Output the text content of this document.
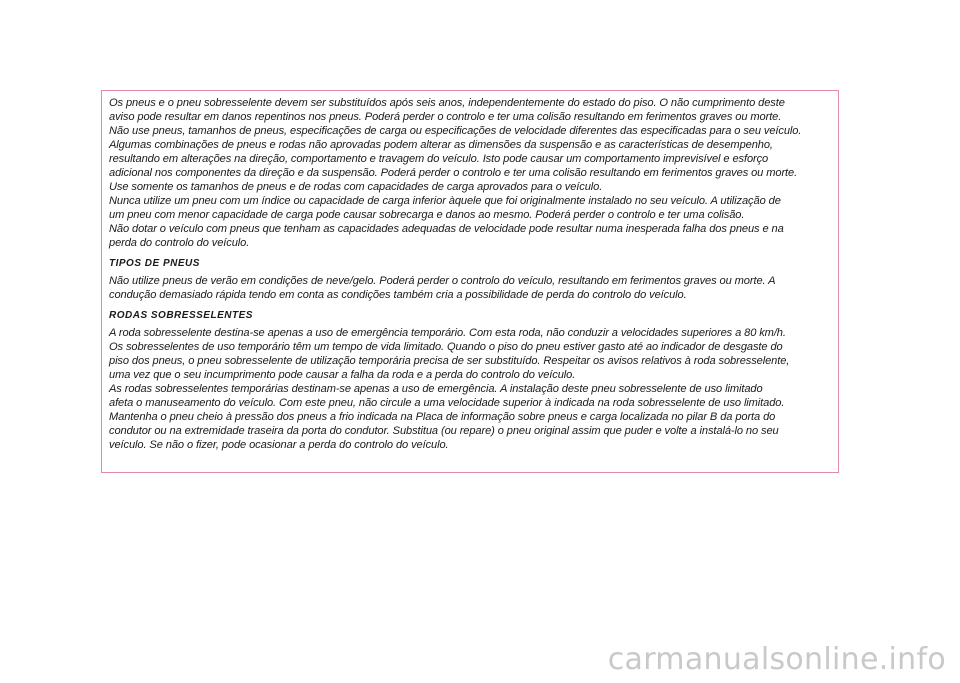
Os pneus e o pneu sobresselente devem ser substituídos após seis anos, independentemente do estado do piso. O não cumprimento deste
aviso pode resultar em danos repentinos nos pneus. Poderá perder o controlo e ter uma colisão resultando em ferimentos graves ou morte.
Não use pneus, tamanhos de pneus, especificações de carga ou especificações de velocidade diferentes das especificadas para o seu veículo.
Algumas combinações de pneus e rodas não aprovadas podem alterar as dimensões da suspensão e as características de desempenho,
resultando em alterações na direção, comportamento e travagem do veículo. Isto pode causar um comportamento imprevisível e esforço
adicional nos componentes da direção e da suspensão. Poderá perder o controlo e ter uma colisão resultando em ferimentos graves ou morte.
Use somente os tamanhos de pneus e de rodas com capacidades de carga aprovados para o veículo.
Nunca utilize um pneu com um índice ou capacidade de carga inferior àquele que foi originalmente instalado no seu veículo. A utilização de
um pneu com menor capacidade de carga pode causar sobrecarga e danos ao mesmo. Poderá perder o controlo e ter uma colisão.
Não dotar o veículo com pneus que tenham as capacidades adequadas de velocidade pode resultar numa inesperada falha dos pneus e na
perda do controlo do veículo.
TIPOS DE PNEUS
Não utilize pneus de verão em condições de neve/gelo. Poderá perder o controlo do veículo, resultando em ferimentos graves ou morte. A
condução demasiado rápida tendo em conta as condições também cria a possibilidade de perda do controlo do veículo.
RODAS SOBRESSELENTES
A roda sobresselente destina-se apenas a uso de emergência temporário. Com esta roda, não conduzir a velocidades superiores a 80 km/h.
Os sobresselentes de uso temporário têm um tempo de vida limitado. Quando o piso do pneu estiver gasto até ao indicador de desgaste do
piso dos pneus, o pneu sobresselente de utilização temporária precisa de ser substituído. Respeitar os avisos relativos à roda sobresselente,
uma vez que o seu incumprimento pode causar a falha da roda e a perda do controlo do veículo.
As rodas sobresselentes temporárias destinam-se apenas a uso de emergência. A instalação deste pneu sobresselente de uso limitado
afeta o manuseamento do veículo. Com este pneu, não circule a uma velocidade superior à indicada na roda sobresselente de uso limitado.
Mantenha o pneu cheio à pressão dos pneus a frio indicada na Placa de informação sobre pneus e carga localizada no pilar B da porta do
condutor ou na extremidade traseira da porta do condutor. Substitua (ou repare) o pneu original assim que puder e volte a instalá-lo no seu
veículo. Se não o fizer, pode ocasionar a perda do controlo do veículo.
carmanualsonline.info
